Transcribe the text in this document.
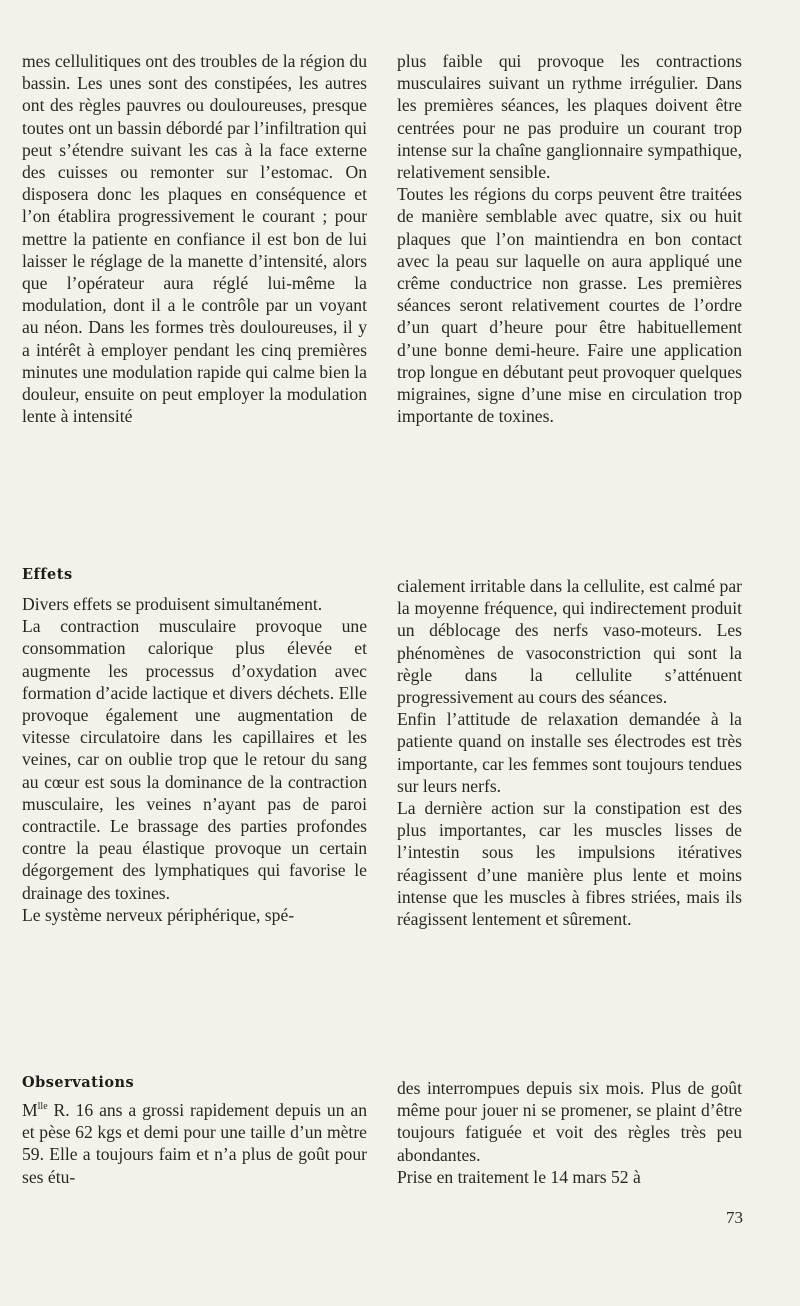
mes cellulitiques ont des troubles de la région du bassin. Les unes sont des constipées, les autres ont des règles pauvres ou douloureuses, presque toutes ont un bassin débordé par l’infiltration qui peut s’étendre suivant les cas à la face externe des cuisses ou remonter sur l’estomac. On disposera donc les plaques en conséquence et l’on établira progressivement le courant ; pour mettre la patiente en confiance il est bon de lui laisser le réglage de la manette d’intensité, alors que l’opérateur aura réglé lui-même la modulation, dont il a le contrôle par un voyant au néon. Dans les formes très douloureuses, il y a intérêt à employer pendant les cinq premières minutes une modulation rapide qui calme bien la douleur, ensuite on peut employer la modulation lente à intensité

plus faible qui provoque les contractions musculaires suivant un rythme irrégulier. Dans les premières séances, les plaques doivent être centrées pour ne pas produire un courant trop intense sur la chaîne ganglionnaire sympathique, relativement sensible.

Toutes les régions du corps peuvent être traitées de manière semblable avec quatre, six ou huit plaques que l’on maintiendra en bon contact avec la peau sur laquelle on aura appliqué une crême conductrice non grasse. Les premières séances seront relativement courtes de l’ordre d’un quart d’heure pour être habituellement d’une bonne demi-heure. Faire une application trop longue en débutant peut provoquer quelques migraines, signe d’une mise en circulation trop importante de toxines.

Effets

Divers effets se produisent simultanément.

La contraction musculaire provoque une consommation calorique plus élevée et augmente les processus d’oxydation avec formation d’acide lactique et divers déchets. Elle provoque également une augmentation de vitesse circulatoire dans les capillaires et les veines, car on oublie trop que le retour du sang au cœur est sous la dominance de la contraction musculaire, les veines n’ayant pas de paroi contractile. Le brassage des parties profondes contre la peau élastique provoque un certain dégorgement des lymphatiques qui favorise le drainage des toxines.

Le système nerveux périphérique, spé-

cialement irritable dans la cellulite, est calmé par la moyenne fréquence, qui indirectement produit un déblocage des nerfs vaso-moteurs. Les phénomènes de vasoconstriction qui sont la règle dans la cellulite s’atténuent progressivement au cours des séances.

Enfin l’attitude de relaxation demandée à la patiente quand on installe ses électrodes est très importante, car les femmes sont toujours tendues sur leurs nerfs.

La dernière action sur la constipation est des plus importantes, car les muscles lisses de l’intestin sous les impulsions itératives réagissent d’une manière plus lente et moins intense que les muscles à fibres striées, mais ils réagissent lentement et sûrement.

Observations

$M^{lle}$ R. 16 ans a grossi rapidement depuis un an et pèse 62 kgs et demi pour une taille d’un mètre 59. Elle a toujours faim et n’a plus de goût pour ses étu-

des interrompues depuis six mois. Plus de goût même pour jouer ni se promener, se plaint d’être toujours fatiguée et voit des règles très peu abondantes.

Prise en traitement le 14 mars 52 à

73
